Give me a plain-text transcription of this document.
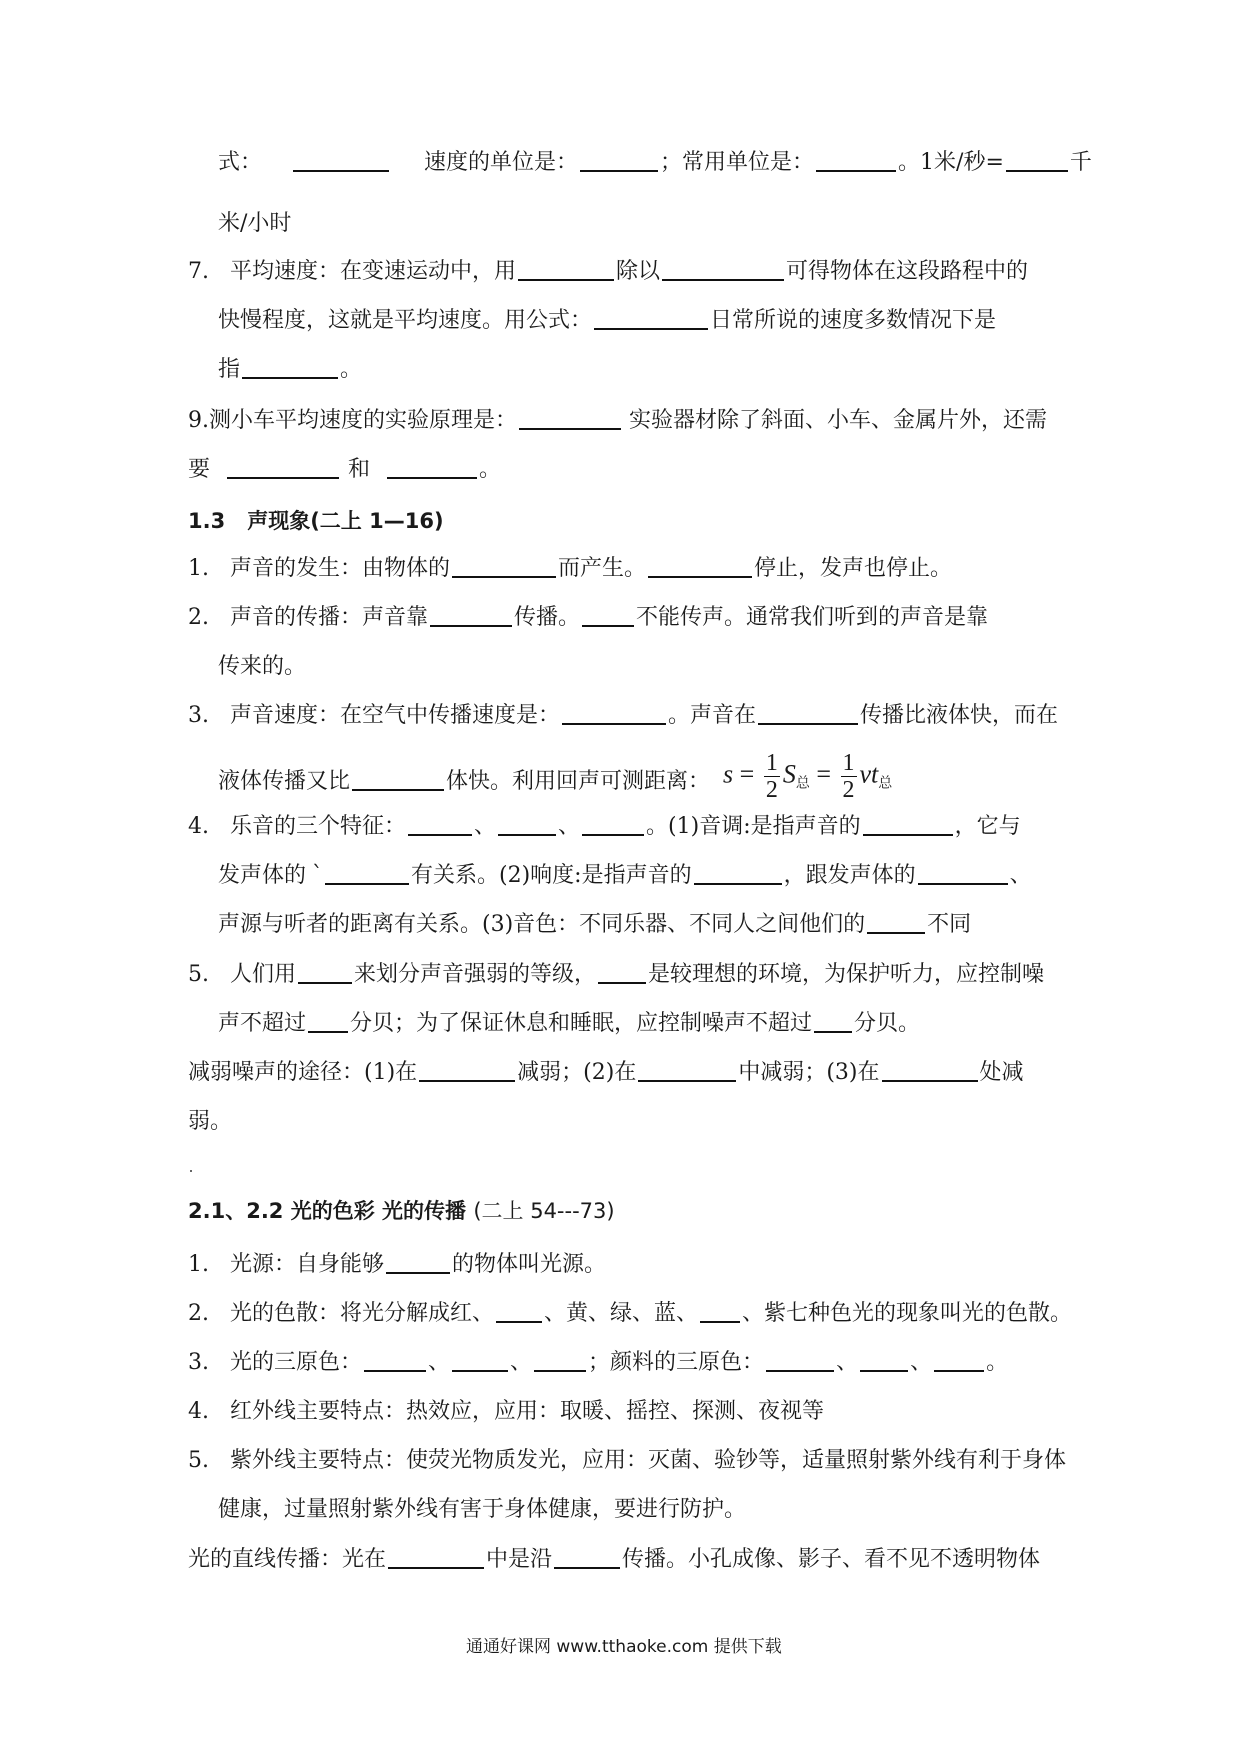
式：	速度的单位是：	；常用单位是：	。1米/秒=	千
米/小时
7. 平均速度：在变速运动中，用	除以	可得物体在这段路程中的
快慢程度，这就是平均速度。用公式：	日常所说的速度多数情况下是
指	。
9.测小车平均速度的实验原理是：	实验器材除了斜面、小车、金属片外，还需
要	和	。
1.3 声现象(二上 1—16)
1. 声音的发生：由物体的	而产生。	停止，发声也停止。
2. 声音的传播：声音靠	传播。	不能传声。通常我们听到的声音是靠
传来的。
3. 声音速度：在空气中传播速度是：	。声音在	传播比液体快，而在
液体传播又比	体快。利用回声可测距离： $s = \frac{1}{2} S_总 = \frac{1}{2} vt_总$
4. 乐音的三个特征：	、	、	。(1)音调:是指声音的	，它与
发声体的 `	有关系。(2)响度:是指声音的	，跟发声体的	、
声源与听者的距离有关系。(3)音色：不同乐器、不同人之间他们的	不同
5. 人们用	来划分声音强弱的等级， 是较理想的环境，为保护听力，应控制噪
声不超过 分贝；为了保证休息和睡眠，应控制噪声不超过 分贝。
减弱噪声的途径：(1)在	减弱；(2)在	中减弱；(3)在	处减
弱。
2.1、2.2 光的色彩 光的传播 (二上 54---73)
1. 光源：自身能够	的物体叫光源。
2. 光的色散：将光分解成红、 、黄、绿、蓝、 、紫七种色光的现象叫光的色散。
3. 光的三原色：	、	、	；颜料的三原色：	、 、 。
4. 红外线主要特点：热效应，应用：取暖、摇控、探测、夜视等
5. 紫外线主要特点：使荧光物质发光，应用：灭菌、验钞等，适量照射紫外线有利于身体
健康，过量照射紫外线有害于身体健康，要进行防护。
光的直线传播：光在	中是沿	传播。小孔成像、影子、看不见不透明物体
通通好课网 www.tthaoke.com 提供下载
